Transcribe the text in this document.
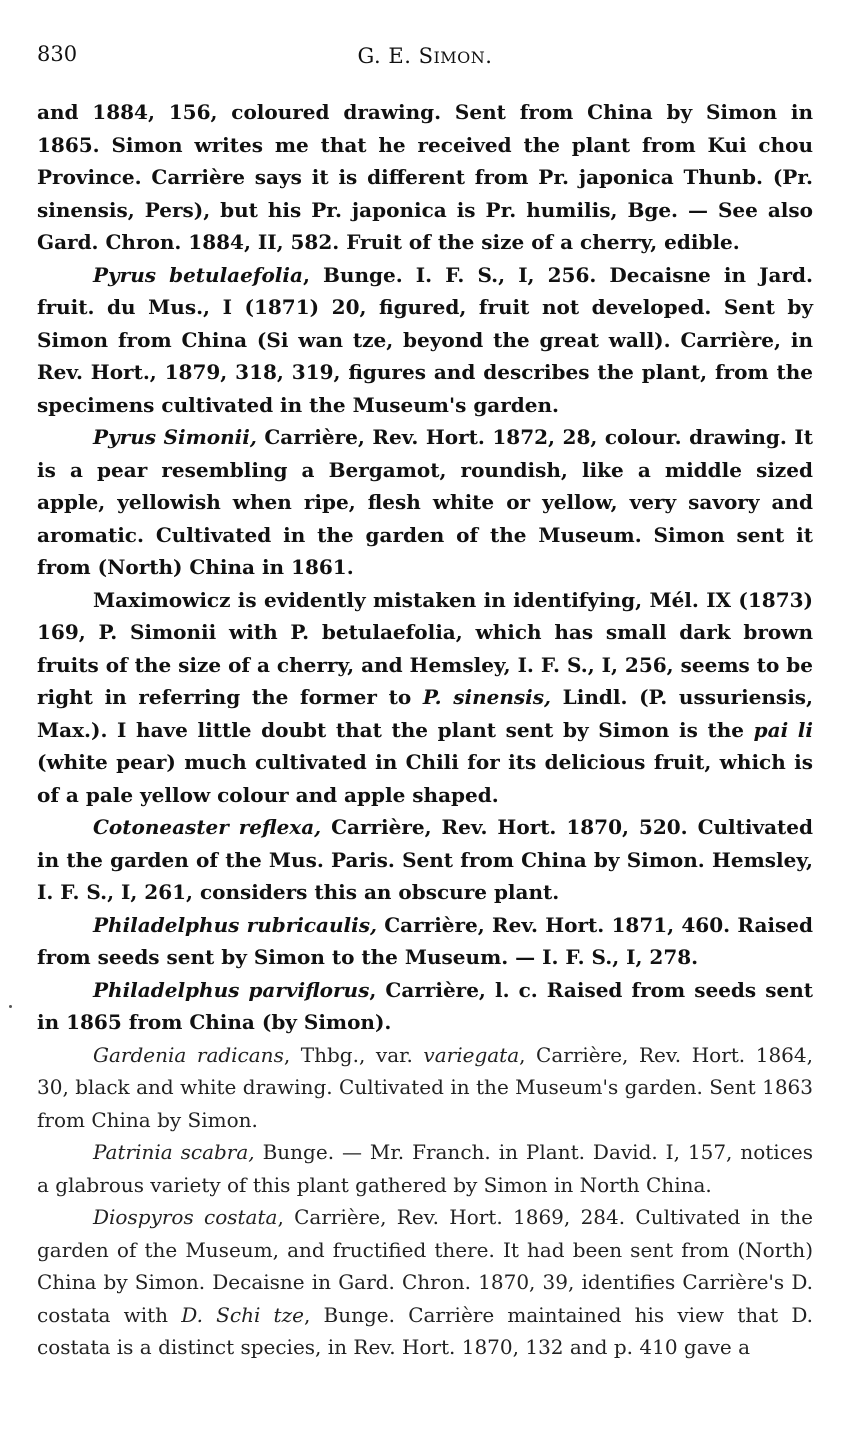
830	G. E. SIMON.

and 1884, 156, coloured drawing. Sent from China by Simon in 1865. Simon writes me that he received the plant from Kui chou Province. Carrière says it is different from Pr. japonica Thunb. (Pr. sinensis, Pers), but his Pr. japonica is Pr. humilis, Bge. — See also Gard. Chron. 1884, II, 582. Fruit of the size of a cherry, edible.

Pyrus betulaefolia, Bunge. I. F. S., I, 256. Decaisne in Jard. fruit. du Mus., I (1871) 20, figured, fruit not developed. Sent by Simon from China (Si wan tze, beyond the great wall). Carrière, in Rev. Hort., 1879, 318, 319, figures and describes the plant, from the specimens cultivated in the Museum's garden.

Pyrus Simonii, Carrière, Rev. Hort. 1872, 28, colour. drawing. It is a pear resembling a Bergamot, roundish, like a middle sized apple, yellowish when ripe, flesh white or yellow, very savory and aromatic. Cultivated in the garden of the Museum. Simon sent it from (North) China in 1861.

Maximowicz is evidently mistaken in identifying, Mél. IX (1873) 169, P. Simonii with P. betulaefolia, which has small dark brown fruits of the size of a cherry, and Hemsley, I. F. S., I, 256, seems to be right in referring the former to P. sinensis, Lindl. (P. ussuriensis, Max.). I have little doubt that the plant sent by Simon is the pai li (white pear) much cultivated in Chili for its delicious fruit, which is of a pale yellow colour and apple shaped.

Cotoneaster reflexa, Carrière, Rev. Hort. 1870, 520. Cultivated in the garden of the Mus. Paris. Sent from China by Simon. Hemsley, I. F. S., I, 261, considers this an obscure plant.

Philadelphus rubricaulis, Carrière, Rev. Hort. 1871, 460. Raised from seeds sent by Simon to the Museum. — I. F. S., I, 278.

Philadelphus parviflorus, Carrière, l. c. Raised from seeds sent in 1865 from China (by Simon).

Gardenia radicans, Thbg., var. variegata, Carrière, Rev. Hort. 1864, 30, black and white drawing. Cultivated in the Museum's garden. Sent 1863 from China by Simon.

Patrinia scabra, Bunge. — Mr. Franch. in Plant. David. I, 157, notices a glabrous variety of this plant gathered by Simon in North China.

Diospyros costata, Carrière, Rev. Hort. 1869, 284. Cultivated in the garden of the Museum, and fructified there. It had been sent from (North) China by Simon. Decaisne in Gard. Chron. 1870, 39, identifies Carrière's D. costata with D. Schi tze, Bunge. Carrière maintained his view that D. costata is a distinct species, in Rev. Hort. 1870, 132 and p. 410 gave a
